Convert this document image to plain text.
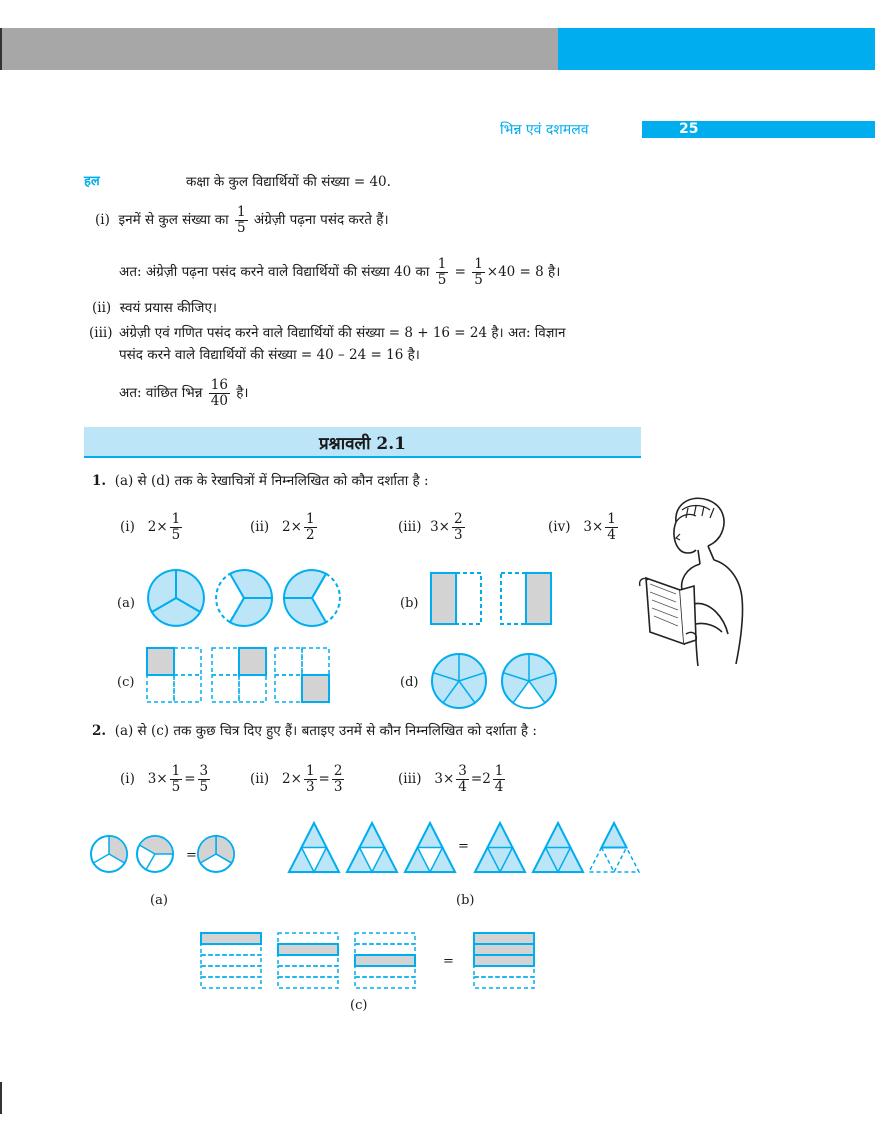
भिन्न एवं दशमलव	25
हल	कक्षा के कुल विद्यार्थियों की संख्या = 40.
(i) इनमें से कुल संख्या का $\frac{1}{5}$ अंग्रेज़ी पढ़ना पसंद करते हैं।
अत: अंग्रेज़ी पढ़ना पसंद करने वाले विद्यार्थियों की संख्या 40 का $\frac{1}{5} = \frac{1}{5} \times 40 = 8$ है।
(ii) स्वयं प्रयास कीजिए।
(iii) अंग्रेज़ी एवं गणित पसंद करने वाले विद्यार्थियों की संख्या = 8 + 16 = 24 है। अत: विज्ञान
पसंद करने वाले विद्यार्थियों की संख्या = 40 – 24 = 16 है।
अत: वांछित भिन्न $\frac{16}{40}$ है।
प्रश्नावली 2.1
1. (a) से (d) तक के रेखाचित्रों में निम्नलिखित को कौन दर्शाता है :
(i) $2\times \frac{1}{5}$	(ii) $2\times \frac{1}{2}$	(iii) $3\times \frac{2}{3}$	(iv) $3\times \frac{1}{4}$
(a)	(b)
(c)	(d)
2. (a) से (c) तक कुछ चित्र दिए हुए हैं। बताइए उनमें से कौन निम्नलिखित को दर्शाता है :
(i) $3\times \frac{1}{5} = \frac{3}{5}$	(ii) $2\times \frac{1}{3} = \frac{2}{3}$	(iii) $3\times \frac{3}{4} =2 \frac{1}{4}$
=
=
(a)	(b)
=
(c)
